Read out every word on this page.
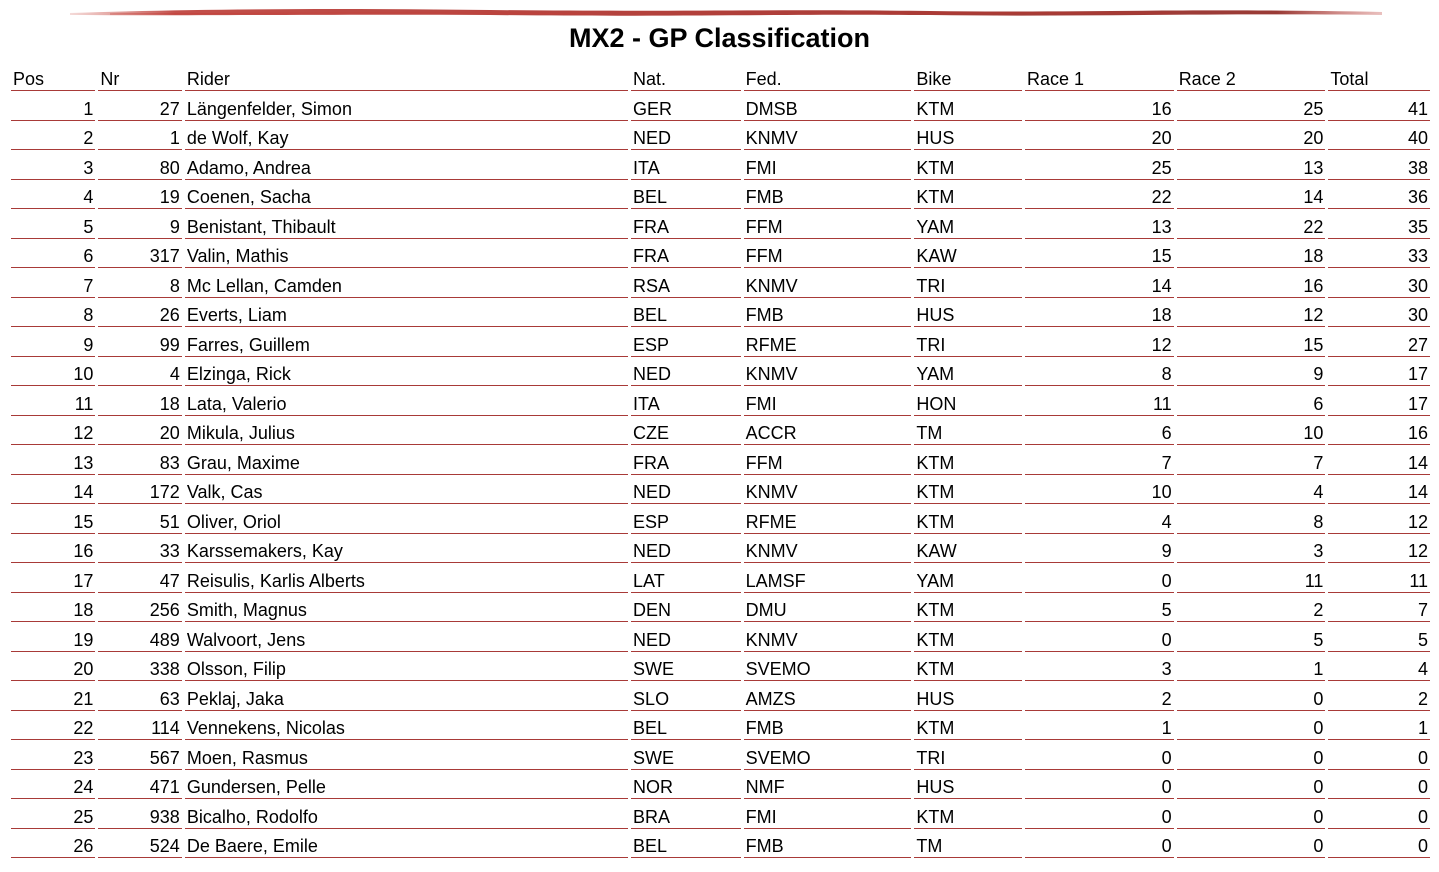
MX2 - GP Classification
Pos	Nr	Rider	Nat.	Fed.	Bike	Race 1	Race 2	Total
1	27	Längenfelder, Simon	GER	DMSB	KTM	16	25	41
2	1	de Wolf, Kay	NED	KNMV	HUS	20	20	40
3	80	Adamo, Andrea	ITA	FMI	KTM	25	13	38
4	19	Coenen, Sacha	BEL	FMB	KTM	22	14	36
5	9	Benistant, Thibault	FRA	FFM	YAM	13	22	35
6	317	Valin, Mathis	FRA	FFM	KAW	15	18	33
7	8	Mc Lellan, Camden	RSA	KNMV	TRI	14	16	30
8	26	Everts, Liam	BEL	FMB	HUS	18	12	30
9	99	Farres, Guillem	ESP	RFME	TRI	12	15	27
10	4	Elzinga, Rick	NED	KNMV	YAM	8	9	17
11	18	Lata, Valerio	ITA	FMI	HON	11	6	17
12	20	Mikula, Julius	CZE	ACCR	TM	6	10	16
13	83	Grau, Maxime	FRA	FFM	KTM	7	7	14
14	172	Valk, Cas	NED	KNMV	KTM	10	4	14
15	51	Oliver, Oriol	ESP	RFME	KTM	4	8	12
16	33	Karssemakers, Kay	NED	KNMV	KAW	9	3	12
17	47	Reisulis, Karlis Alberts	LAT	LAMSF	YAM	0	11	11
18	256	Smith, Magnus	DEN	DMU	KTM	5	2	7
19	489	Walvoort, Jens	NED	KNMV	KTM	0	5	5
20	338	Olsson, Filip	SWE	SVEMO	KTM	3	1	4
21	63	Peklaj, Jaka	SLO	AMZS	HUS	2	0	2
22	114	Vennekens, Nicolas	BEL	FMB	KTM	1	0	1
23	567	Moen, Rasmus	SWE	SVEMO	TRI	0	0	0
24	471	Gundersen, Pelle	NOR	NMF	HUS	0	0	0
25	938	Bicalho, Rodolfo	BRA	FMI	KTM	0	0	0
26	524	De Baere, Emile	BEL	FMB	TM	0	0	0
